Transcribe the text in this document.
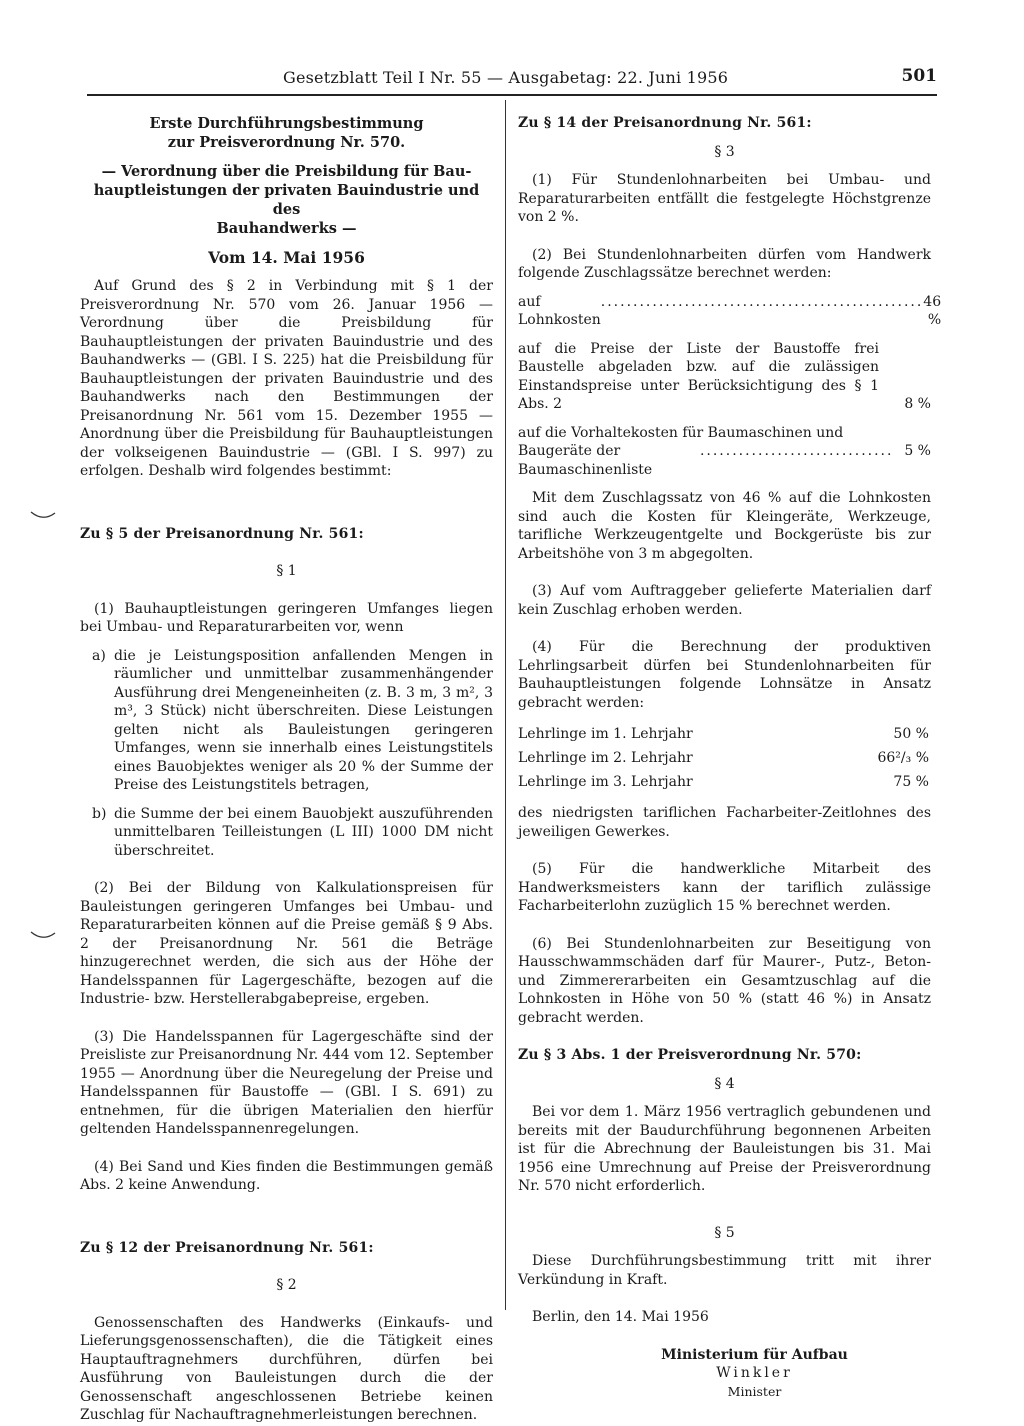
Gesetzblatt Teil I Nr. 55 — Ausgabetag: 22. Juni 1956	501

Erste Durchführungsbestimmung

zur Preisverordnung Nr. 570.

— Verordnung über die Preisbildung für Bau-

hauptleistungen der privaten Bauindustrie und des

Bauhandwerks —

Vom 14. Mai 1956

Auf Grund des § 2 in Verbindung mit § 1 der Preisverordnung Nr. 570 vom 26. Januar 1956 — Verordnung über die Preisbildung für Bauhauptleistungen der privaten Bauindustrie und des Bauhandwerks — (GBl. I S. 225) hat die Preisbildung für Bauhauptleistungen der privaten Bauindustrie und des Bauhandwerks nach den Bestimmungen der Preisanordnung Nr. 561 vom 15. Dezember 1955 — Anordnung über die Preisbildung für Bauhauptleistungen der volkseigenen Bauindustrie — (GBl. I S. 997) zu erfolgen. Deshalb wird folgendes bestimmt:

Zu § 5 der Preisanordnung Nr. 561:

§ 1

(1) Bauhauptleistungen geringeren Umfanges liegen bei Umbau- und Reparaturarbeiten vor, wenn

a) die je Leistungsposition anfallenden Mengen in räumlicher und unmittelbar zusammenhängender Ausführung drei Mengeneinheiten (z. B. 3 m, 3 m², 3 m³, 3 Stück) nicht überschreiten. Diese Leistungen gelten nicht als Bauleistungen geringeren Umfanges, wenn sie innerhalb eines Leistungstitels eines Bauobjektes weniger als 20 % der Summe der Preise des Leistungstitels betragen,
b) die Summe der bei einem Bauobjekt auszuführenden unmittelbaren Teilleistungen (L III) 1000 DM nicht überschreitet.

(2) Bei der Bildung von Kalkulationspreisen für Bauleistungen geringeren Umfanges bei Umbau- und Reparaturarbeiten können auf die Preise gemäß § 9 Abs. 2 der Preisanordnung Nr. 561 die Beträge hinzugerechnet werden, die sich aus der Höhe der Handelsspannen für Lagergeschäfte, bezogen auf die Industrie- bzw. Herstellerabgabepreise, ergeben.

(3) Die Handelsspannen für Lagergeschäfte sind der Preisliste zur Preisanordnung Nr. 444 vom 12. September 1955 — Anordnung über die Neuregelung der Preise und Handelsspannen für Baustoffe — (GBl. I S. 691) zu entnehmen, für die übrigen Materialien den hierfür geltenden Handelsspannenregelungen.

(4) Bei Sand und Kies finden die Bestimmungen gemäß Abs. 2 keine Anwendung.

Zu § 12 der Preisanordnung Nr. 561:

§ 2

Genossenschaften des Handwerks (Einkaufs- und Lieferungsgenossenschaften), die die Tätigkeit eines Hauptauftragnehmers durchführen, dürfen bei Ausführung von Bauleistungen durch die der Genossenschaft angeschlossenen Betriebe keinen Zuschlag für Nachauftragnehmerleistungen berechnen.

Zu § 14 der Preisanordnung Nr. 561:

§ 3

(1) Für Stundenlohnarbeiten bei Umbau- und Reparaturarbeiten entfällt die festgelegte Höchstgrenze von 2 %.

(2) Bei Stundenlohnarbeiten dürfen vom Handwerk folgende Zuschlagssätze berechnet werden:

auf Lohnkosten
.................................................. 46 %
auf die Preise der Liste der Baustoffe frei Baustelle abgeladen bzw. auf die zulässigen Einstandspreise unter Berücksichtigung des § 1 Abs. 2	8 %

auf die Vorhaltekosten für Baumaschinen und

Baugeräte der Baumaschinenliste
.............................. 5 %

Mit dem Zuschlagssatz von 46 % auf die Lohnkosten sind auch die Kosten für Kleingeräte, Werkzeuge, tarifliche Werkzeugentgelte und Bockgerüste bis zur Arbeitshöhe von 3 m abgegolten.

(3) Auf vom Auftraggeber gelieferte Materialien darf kein Zuschlag erhoben werden.

(4) Für die Berechnung der produktiven Lehrlingsarbeit dürfen bei Stundenlohnarbeiten für Bauhauptleistungen folgende Lohnsätze in Ansatz gebracht werden:

Lehrlinge im 1. Lehrjahr	50 %
Lehrlinge im 2. Lehrjahr	66²/₃ %
Lehrlinge im 3. Lehrjahr	75 %

des niedrigsten tariflichen Facharbeiter-Zeitlohnes des jeweiligen Gewerkes.

(5) Für die handwerkliche Mitarbeit des Handwerksmeisters kann der tariflich zulässige Facharbeiterlohn zuzüglich 15 % berechnet werden.

(6) Bei Stundenlohnarbeiten zur Beseitigung von Hausschwammschäden darf für Maurer-, Putz-, Beton- und Zimmererarbeiten ein Gesamtzuschlag auf die Lohnkosten in Höhe von 50 % (statt 46 %) in Ansatz gebracht werden.

Zu § 3 Abs. 1 der Preisverordnung Nr. 570:

§ 4

Bei vor dem 1. März 1956 vertraglich gebundenen und bereits mit der Baudurchführung begonnenen Arbeiten ist für die Abrechnung der Bauleistungen bis 31. Mai 1956 eine Umrechnung auf Preise der Preisverordnung Nr. 570 nicht erforderlich.

§ 5

Diese Durchführungsbestimmung tritt mit ihrer Verkündung in Kraft.

Berlin, den 14. Mai 1956

Ministerium für Aufbau

Winkler

Minister
